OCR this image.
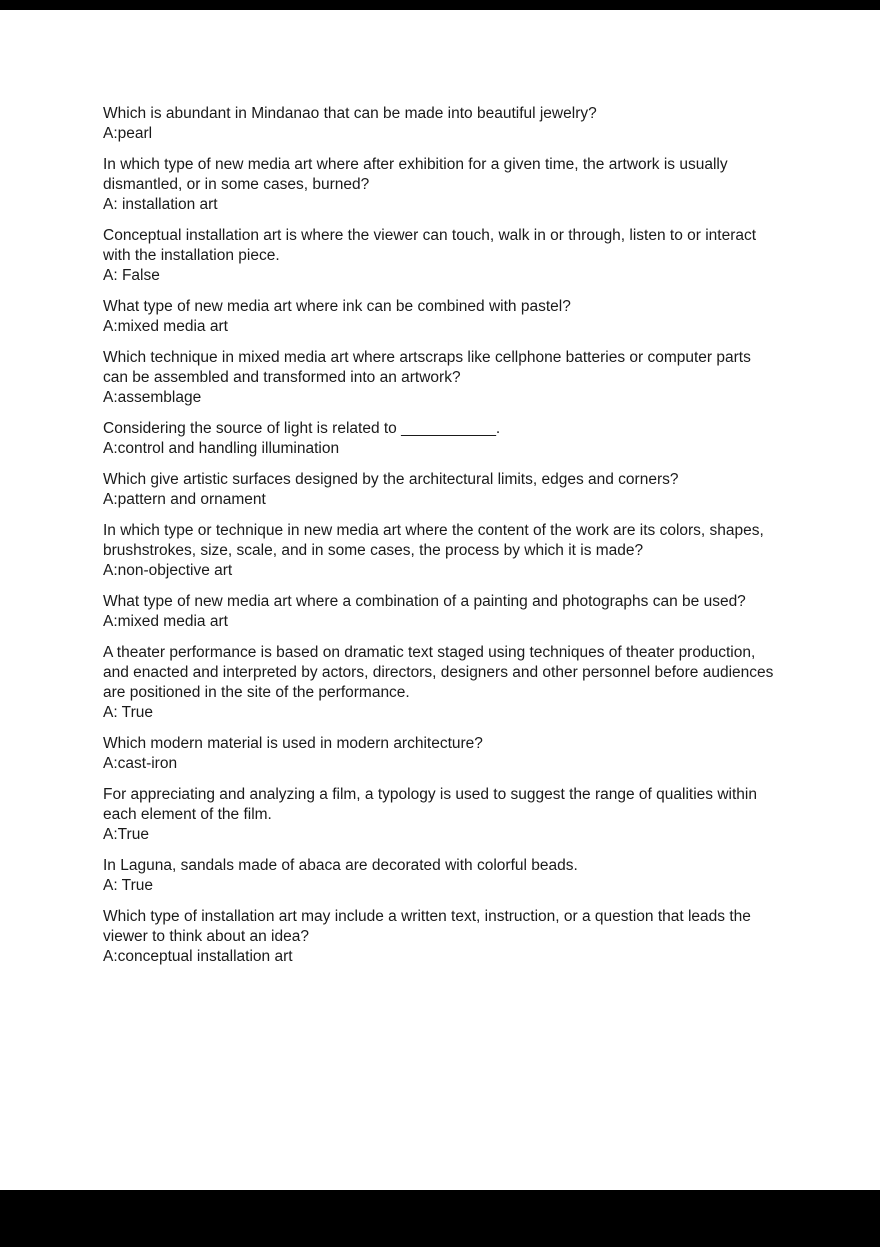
Which is abundant in Mindanao that can be made into beautiful jewelry?
A:pearl

In which type of new media art where after exhibition for a given time, the artwork is usually dismantled, or in some cases, burned?
A: installation art

Conceptual installation art is where the viewer can touch, walk in or through, listen to or interact with the installation piece.
A: False

What type of new media art where ink can be combined with pastel?
A:mixed media art

Which technique in mixed media art where artscraps like cellphone batteries or computer parts can be assembled and transformed into an artwork?
A:assemblage

Considering the source of light is related to ___________.
A:control and handling illumination

Which give artistic surfaces designed by the architectural limits, edges and corners?
A:pattern and ornament

In which type or technique in new media art where the content of the work are its colors, shapes, brushstrokes, size, scale, and in some cases, the process by which it is made?
A:non-objective art

What type of new media art where a combination of a painting and photographs can be used?
A:mixed media art

A theater performance is based on dramatic text staged using techniques of theater production, and enacted and interpreted by actors, directors, designers and other personnel before audiences are positioned in the site of the performance.
A: True

Which modern material is used in modern architecture?
A:cast-iron

For appreciating and analyzing a film, a typology is used to suggest the range of qualities within each element of the film.
A:True

In Laguna, sandals made of abaca are decorated with colorful beads.
A: True

Which type of installation art may include a written text, instruction, or a question that leads the viewer to think about an idea?
A:conceptual installation art
